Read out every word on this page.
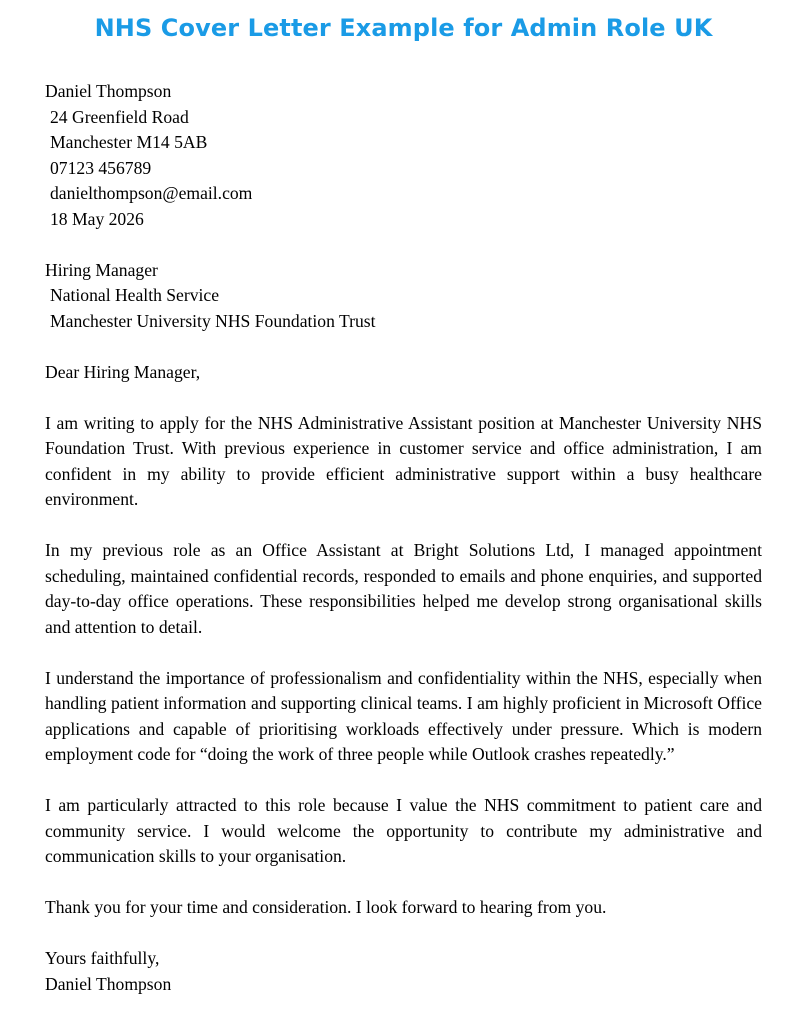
NHS Cover Letter Example for Admin Role UK
Daniel Thompson
24 Greenfield Road
Manchester M14 5AB
07123 456789
danielthompson@email.com
18 May 2026
Hiring Manager
National Health Service
Manchester University NHS Foundation Trust

Dear Hiring Manager,

I am writing to apply for the NHS Administrative Assistant position at Manchester University NHS Foundation Trust. With previous experience in customer service and office administration, I am confident in my ability to provide efficient administrative support within a busy healthcare environment.

In my previous role as an Office Assistant at Bright Solutions Ltd, I managed appointment scheduling, maintained confidential records, responded to emails and phone enquiries, and supported day-to-day office operations. These responsibilities helped me develop strong organisational skills and attention to detail.

I understand the importance of professionalism and confidentiality within the NHS, especially when handling patient information and supporting clinical teams. I am highly proficient in Microsoft Office applications and capable of prioritising workloads effectively under pressure. Which is modern employment code for “doing the work of three people while Outlook crashes repeatedly.”

I am particularly attracted to this role because I value the NHS commitment to patient care and community service. I would welcome the opportunity to contribute my administrative and communication skills to your organisation.

Thank you for your time and consideration. I look forward to hearing from you.

Yours faithfully,
Daniel Thompson
